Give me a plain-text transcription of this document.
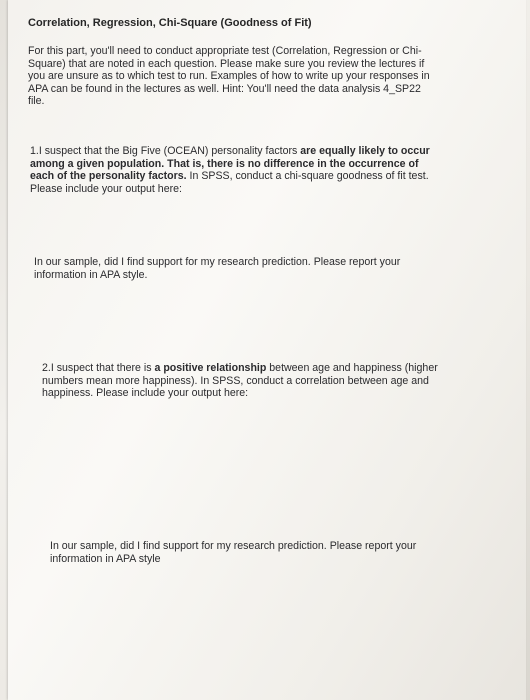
Correlation, Regression, Chi-Square (Goodness of Fit)

For this part, you'll need to conduct appropriate test (Correlation, Regression or Chi-
Square) that are noted in each question. Please make sure you review the lectures if
you are unsure as to which test to run. Examples of how to write up your responses in
APA can be found in the lectures as well. Hint: You'll need the data analysis 4_SP22
file.
1.I suspect that the Big Five (OCEAN) personality factors are equally likely to occur
among a given population. That is, there is no difference in the occurrence of
each of the personality factors. In SPSS, conduct a chi-square goodness of fit test.
Please include your output here:
In our sample, did I find support for my research prediction. Please report your
information in APA style.
2.I suspect that there is a positive relationship between age and happiness (higher
numbers mean more happiness). In SPSS, conduct a correlation between age and
happiness. Please include your output here:
In our sample, did I find support for my research prediction. Please report your
information in APA style
